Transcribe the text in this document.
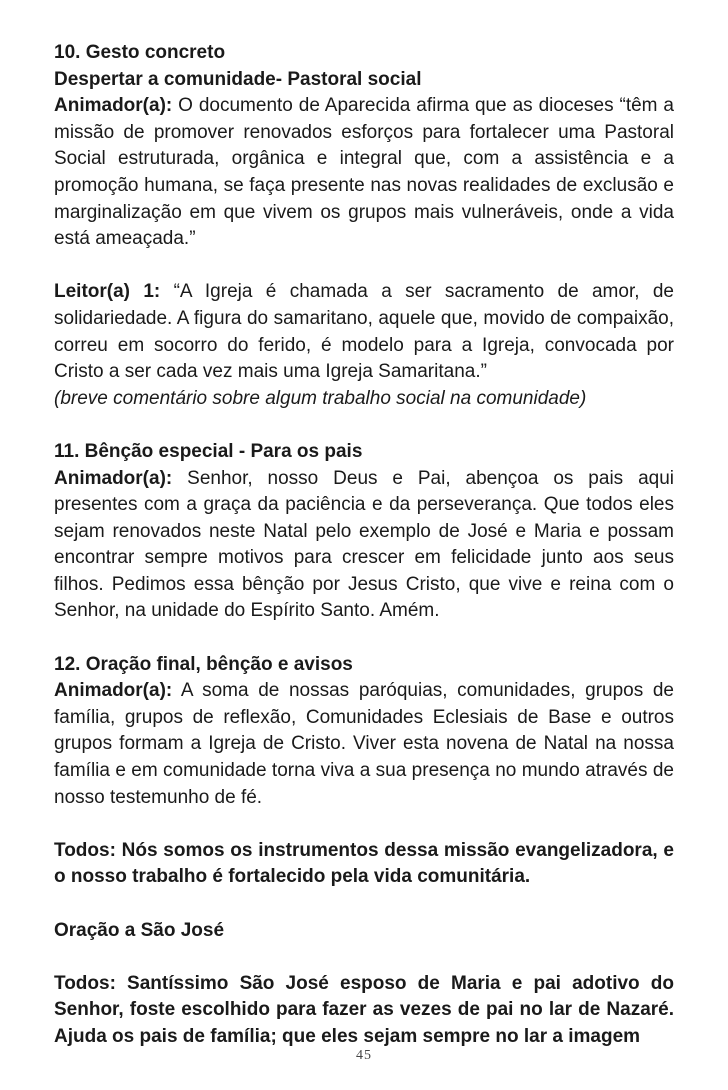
10. Gesto concreto

Despertar a comunidade- Pastoral social

Animador(a): O documento de Aparecida afirma que as dioceses “têm a missão de promover renovados esforços para fortalecer uma Pastoral Social estruturada, orgânica e integral que, com a assistência e a promoção humana, se faça presente nas novas realidades de exclusão e marginalização em que vivem os grupos mais vulneráveis, onde a vida está ameaçada.”

Leitor(a) 1: “A Igreja é chamada a ser sacramento de amor, de solidariedade. A figura do samaritano, aquele que, movido de compaixão, correu em socorro do ferido, é modelo para a Igreja, convocada por Cristo a ser cada vez mais uma Igreja Samaritana.”

(breve comentário sobre algum trabalho social na comunidade)

11. Bênção especial - Para os pais

Animador(a): Senhor, nosso Deus e Pai, abençoa os pais aqui presentes com a graça da paciência e da perseverança. Que todos eles sejam renovados neste Natal pelo exemplo de José e Maria e possam encontrar sempre motivos para crescer em felicidade junto aos seus filhos. Pedimos essa bênção por Jesus Cristo, que vive e reina com o Senhor, na unidade do Espírito Santo. Amém.

12. Oração final, bênção e avisos

Animador(a): A soma de nossas paróquias, comunidades, grupos de família, grupos de reflexão, Comunidades Eclesiais de Base e outros grupos formam a Igreja de Cristo. Viver esta novena de Natal na nossa família e em comunidade torna viva a sua presença no mundo através de nosso testemunho de fé.

Todos: Nós somos os instrumentos dessa missão evangelizadora, e o nosso trabalho é fortalecido pela vida comunitária.

Oração a São José

Todos: Santíssimo São José esposo de Maria e pai adotivo do Senhor, foste escolhido para fazer as vezes de pai no lar de Nazaré. Ajuda os pais de família; que eles sejam sempre no lar a imagem

45
